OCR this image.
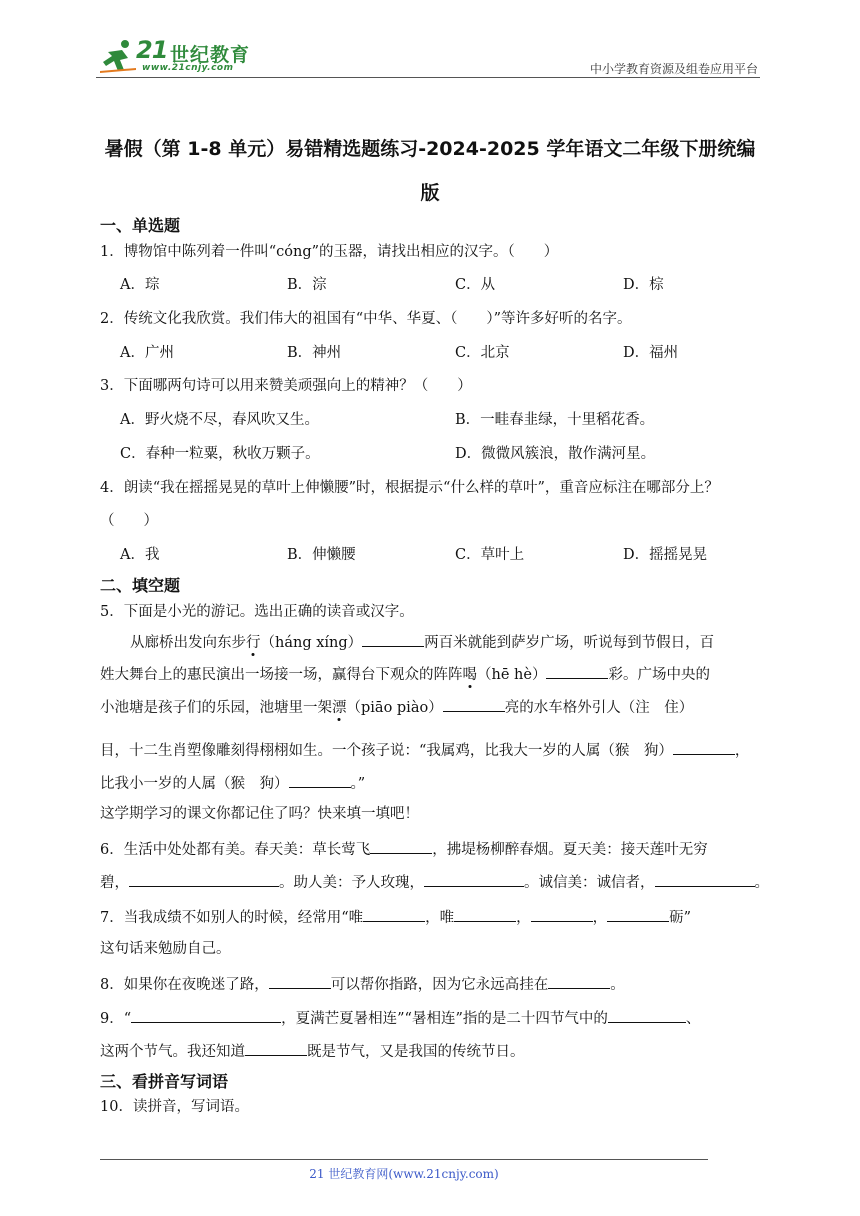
21 世纪教育
www.21cnjy.com	中小学教育资源及组卷应用平台
暑假（第 1-8 单元）易错精选题练习-2024-2025 学年语文二年级下册统编
版
一、单选题
1．博物馆中陈列着一件叫“cóng”的玉器，请找出相应的汉字。（　　）
A．琮	B．淙	C．从	D．棕
2．传统文化我欣赏。我们伟大的祖国有“中华、华夏、（　　）”等许多好听的名字。
A．广州	B．神州	C．北京	D．福州
3．下面哪两句诗可以用来赞美顽强向上的精神？（　　）
A．野火烧不尽，春风吹又生。	B．一畦春韭绿，十里稻花香。
C．春种一粒粟，秋收万颗子。	D．微微风簇浪，散作满河星。
4．朗读“我在摇摇晃晃的草叶上伸懒腰”时，根据提示“什么样的草叶”，重音应标注在哪部分上？
（　　）
A．我	B．伸懒腰	C．草叶上	D．摇摇晃晃
二、填空题
5．下面是小光的游记。选出正确的读音或汉字。
从廊桥出发向东步行（háng xíng）	两百米就能到萨岁广场，听说每到节假日，百
姓大舞台上的惠民演出一场接一场，赢得台下观众的阵阵喝（hē hè）	彩。广场中央的
小池塘是孩子们的乐园，池塘里一架漂（piāo piào）	亮的水车格外引人（注　住）
目，十二生肖塑像雕刻得栩栩如生。一个孩子说：“我属鸡，比我大一岁的人属（猴　狗）	，
比我小一岁的人属（猴　狗）	。”
这学期学习的课文你都记住了吗？快来填一填吧！
6．生活中处处都有美。春天美：草长莺飞	，拂堤杨柳醉春烟。夏天美：接天莲叶无穷
碧，	。助人美：予人玫瑰，	。诚信美：诚信者，	。
7．当我成绩不如别人的时候，经常用“唯	，唯	，	，	砺”
这句话来勉励自己。
8．如果你在夜晚迷了路，	可以帮你指路，因为它永远高挂在	。
9．“	，夏满芒夏暑相连”“暑相连”指的是二十四节气中的	、
这两个节气。我还知道	既是节气，又是我国的传统节日。
三、看拼音写词语
10．读拼音，写词语。
21 世纪教育网(www.21cnjy.com)
